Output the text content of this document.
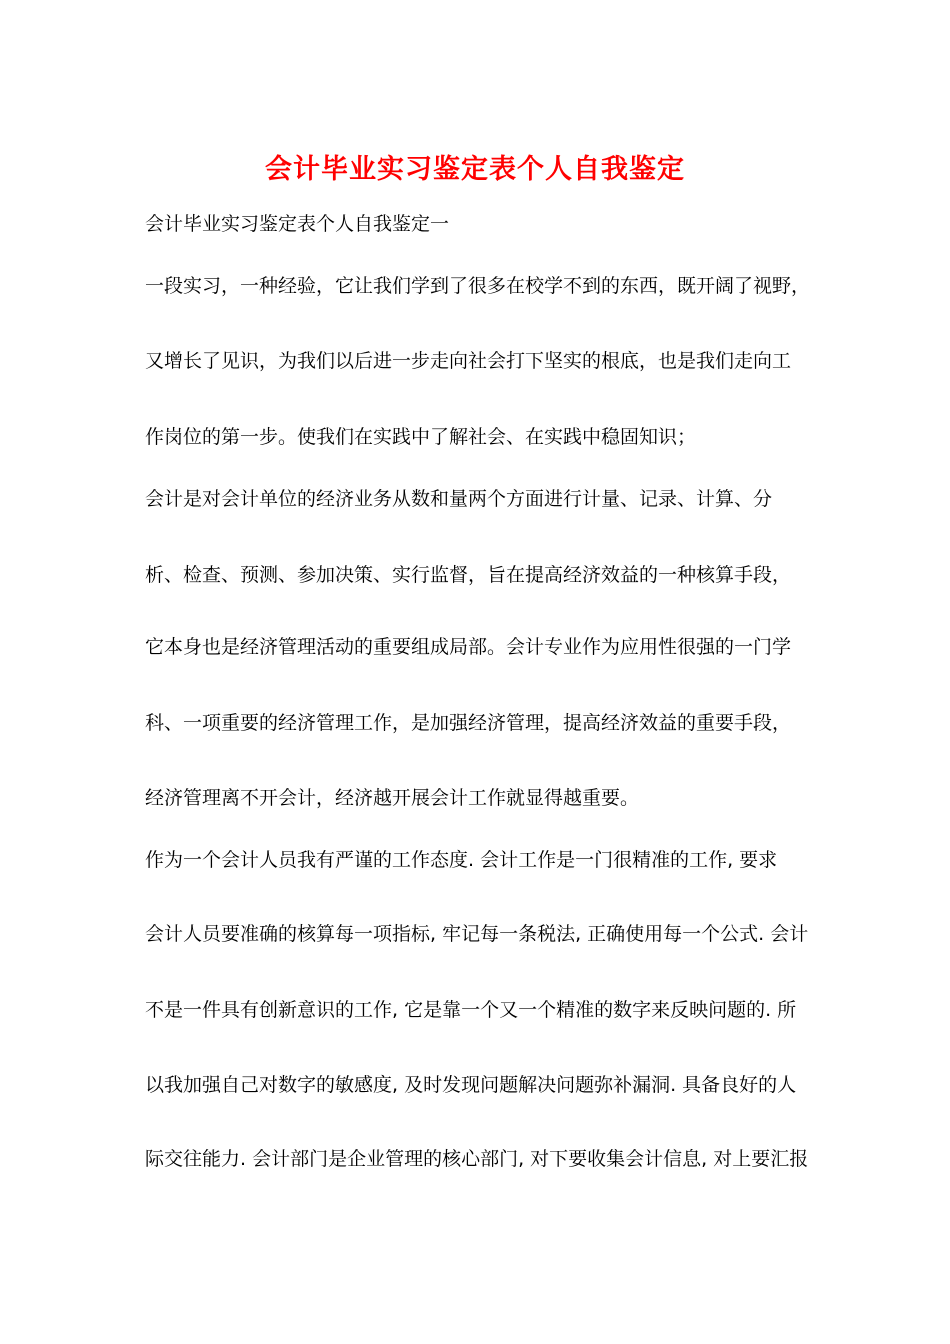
会计毕业实习鉴定表个人自我鉴定
会计毕业实习鉴定表个人自我鉴定一
一段实习，一种经验，它让我们学到了很多在校学不到的东西，既开阔了视野，
又增长了见识，为我们以后进一步走向社会打下坚实的根底，也是我们走向工
作岗位的第一步。使我们在实践中了解社会、在实践中稳固知识；
会计是对会计单位的经济业务从数和量两个方面进行计量、记录、计算、分
析、检查、预测、参加决策、实行监督，旨在提高经济效益的一种核算手段，
它本身也是经济管理活动的重要组成局部。会计专业作为应用性很强的一门学
科、一项重要的经济管理工作，是加强经济管理，提高经济效益的重要手段，
经济管理离不开会计，经济越开展会计工作就显得越重要。
作为一个会计人员我有严谨的工作态度. 会计工作是一门很精准的工作, 要求
会计人员要准确的核算每一项指标, 牢记每一条税法, 正确使用每一个公式. 会计
不是一件具有创新意识的工作, 它是靠一个又一个精准的数字来反映问题的. 所
以我加强自己对数字的敏感度, 及时发现问题解决问题弥补漏洞. 具备良好的人
际交往能力. 会计部门是企业管理的核心部门, 对下要收集会计信息, 对上要汇报
